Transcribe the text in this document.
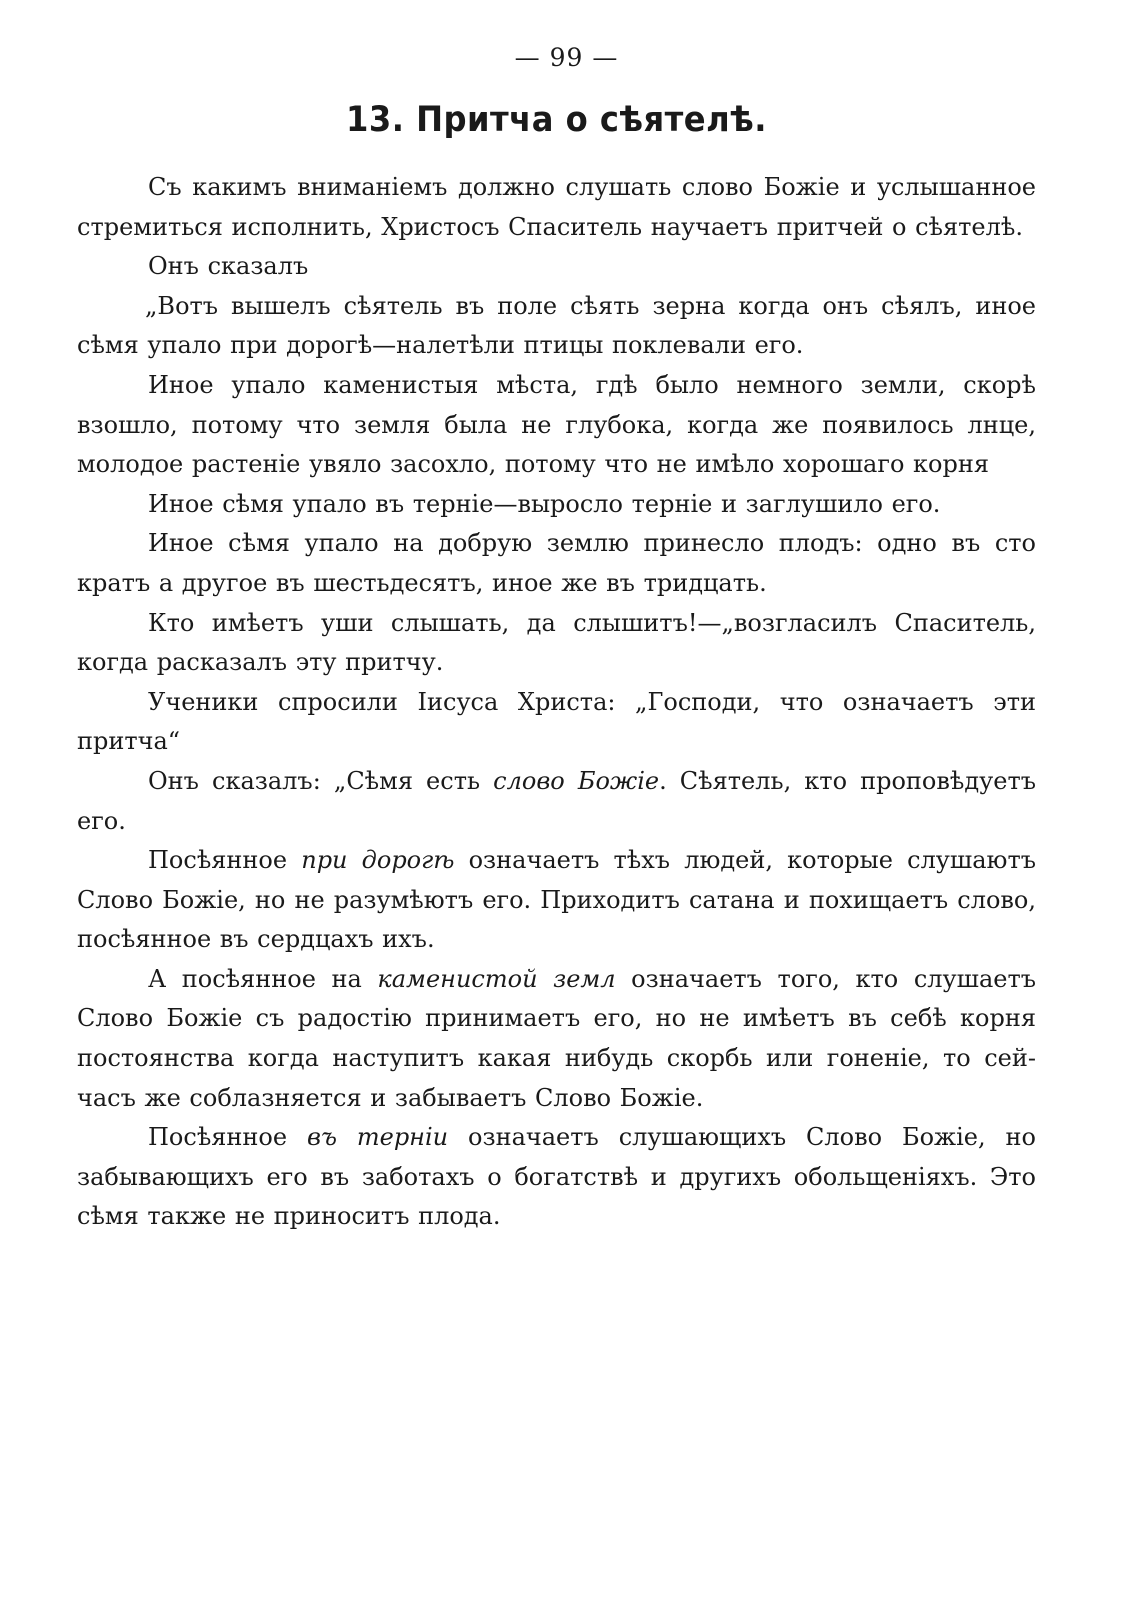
— 99 —
13. Притча о сѣятелѣ.

Съ какимъ вниманіемъ должно слушать слово Божіе и услышанное стремиться исполнить, Христосъ Спаситель научаетъ притчей о сѣятелѣ.

Онъ сказалъ

„Вотъ вышелъ сѣятель въ поле сѣять зерна когда онъ сѣялъ, иное сѣмя упало при дорогѣ—налетѣли птицы поклевали его.

Иное упало каменистыя мѣста, гдѣ было немного земли, скорѣ взошло, потому что земля была не глубока, когда же появилось лнце, молодое растеніе увяло засохло, потому что не имѣло хорошаго корня

Иное сѣмя упало въ терніе—выросло терніе и заглушило его.

Иное сѣмя упало на добрую землю принесло плодъ: одно въ сто кратъ а другое въ шестьдесятъ, иное же въ тридцать.

Кто имѣетъ уши слышать, да слышитъ!—„возгласилъ Спаситель, когда расказалъ эту притчу.

Ученики спросили Іисуса Христа: „Господи, что означаетъ эти притча“

Онъ сказалъ: „Сѣмя есть слово Божіе. Сѣятель, кто проповѣдуетъ его.

Посѣянное при дорогѣ означаетъ тѣхъ людей, которые слушаютъ Слово Божіе, но не разумѣютъ его. Приходитъ сатана и похищаетъ слово, посѣянное въ сердцахъ ихъ.

А посѣянное на каменистой земл означаетъ того, кто слушаетъ Слово Божіе съ радостію принимаетъ его, но не имѣетъ въ себѣ корня постоянства когда наступитъ какая нибудь скорбь или гоненіе, то сей-часъ же соблазняется и забываетъ Слово Божіе.

Посѣянное въ терніи означаетъ слушающихъ Слово Божіе, но забывающихъ его въ заботахъ о богатствѣ и другихъ обольщеніяхъ. Это сѣмя также не приноситъ плода.
